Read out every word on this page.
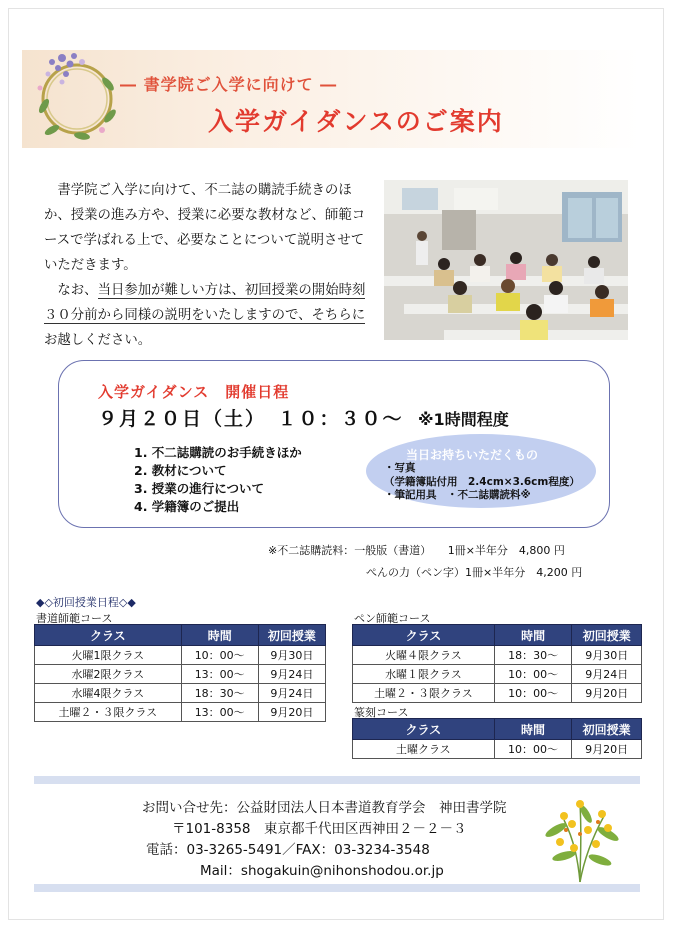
― 書学院ご入学に向けて ―
入学ガイダンスのご案内

書学院ご入学に向けて、不二誌の購読手続きのほか、授業の進み方や、授業に必要な教材など、師範コースで学ばれる上で、必要なことについて説明させていただきます。

なお、当日参加が難しい方は、初回授業の開始時刻３０分前から同様の説明をいたしますので、そちらに
お越しください。

入学ガイダンス　開催日程
９月２０日（土）　１０：３０～ ※1時間程度
1. 不二誌購読のお手続きほか
2. 教材について
3. 授業の進行について
4. 学籍簿のご提出
当日お持ちいただくもの
・写真
（学籍簿貼付用　2.4cm×3.6cm程度）
・筆記用具　・不二誌購読料※
※不二誌購読料：一般版（書道）　　1冊×半年分　4,800 円
ぺんの力（ペン字）1冊×半年分　4,200 円
◆◇初回授業日程◇◆
書道師範コース
クラス	時間	初回授業
火曜1限クラス	10：00～	9月30日
水曜2限クラス	13：00～	9月24日
水曜4限クラス	18：30～	9月24日
土曜２・３限クラス	13：00～	9月20日
ペン師範コース
クラス	時間	初回授業
火曜４限クラス	18：30～	9月30日
水曜１限クラス	10：00～	9月24日
土曜２・３限クラス	10：00～	9月20日
篆刻コース
クラス	時間	初回授業
土曜クラス	10：00～	9月20日
お問い合せ先：公益財団法人日本書道教育学会　神田書学院
〒101-8358　東京都千代田区西神田２－２－３
電話：03-3265-5491／FAX：03-3234-3548
Mail：shogakuin@nihonshodou.or.jp
